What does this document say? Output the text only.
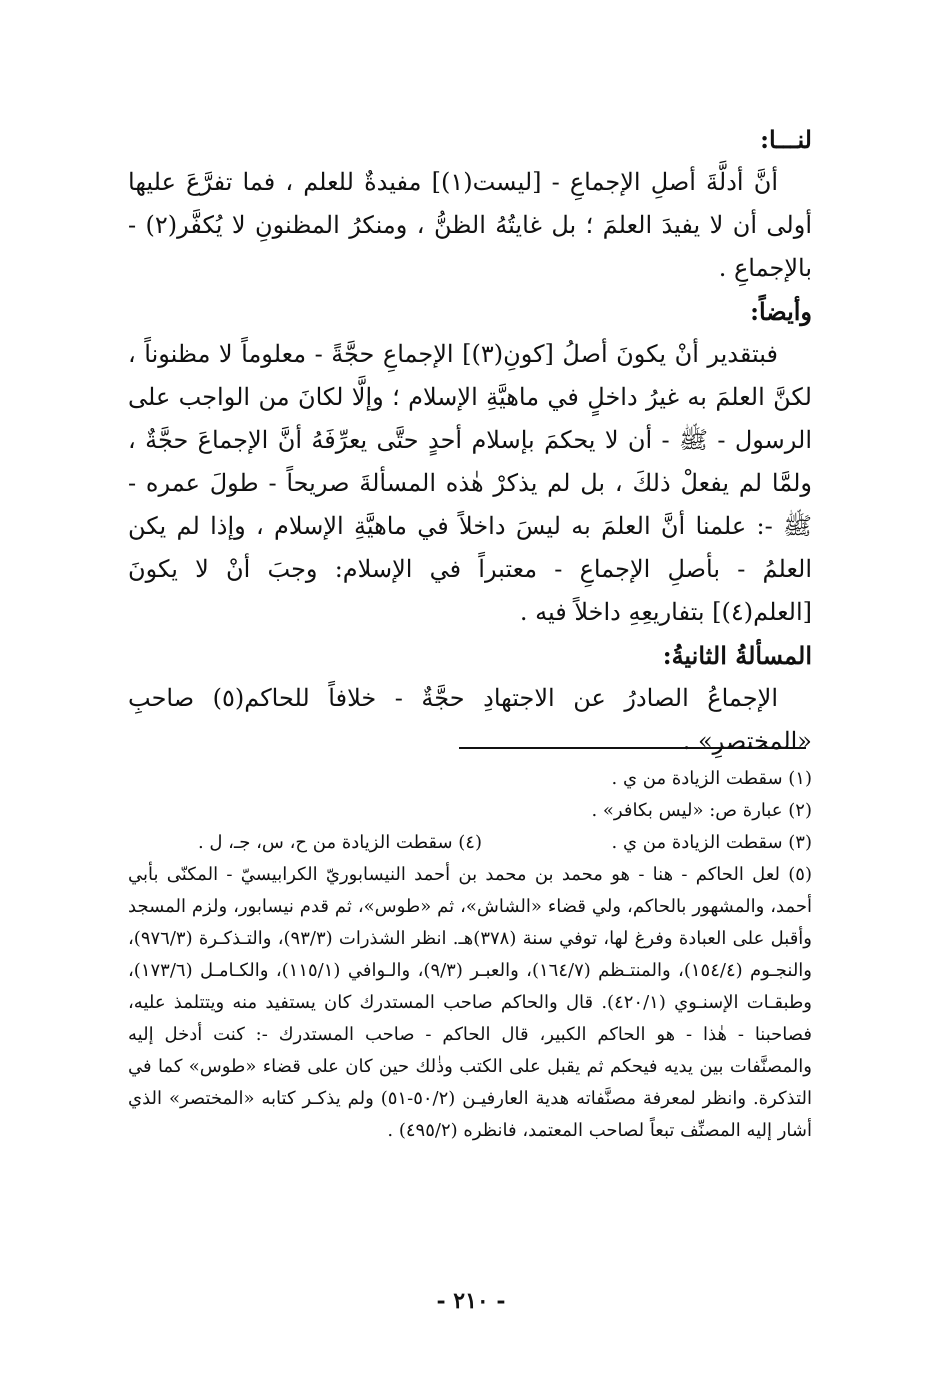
لنـــا:

أنَّ أدلَّةَ أصلِ الإجماعِ - [ليست(١)] مفيدةٌ للعلم ، فما تفرَّعَ عليها أولى أن لا يفيدَ العلمَ ؛ بل غايتُهُ الظنُّ ، ومنكرُ المظنونِ لا يُكفَّر(٢) - بالإجماعِ .

وأيضاً:

فبتقدير أنْ يكونَ أصلُ [كونِ(٣)] الإجماعِ حجَّةً - معلوماً لا مظنوناً ، لكنَّ العلمَ به غيرُ داخلٍ في ماهيَّةِ الإسلام ؛ وإلَّا لكانَ من الواجب على الرسول - ﷺ - أن لا يحكمَ بإسلام أحدٍ حتَّى يعرِّفَهُ أنَّ الإجماعَ حجَّةٌ ، ولمَّا لم يفعلْ ذلكَ ، بل لم يذكرْ هٰذه المسألةَ صريحاً - طولَ عمره - ﷺ -: علمنا أنَّ العلمَ به ليسَ داخلاً في ماهيَّةِ الإسلام ، وإذا لم يكن العلمُ - بأصلِ الإجماعِ - معتبراً في الإسلام: وجبَ أنْ لا يكونَ [العلم(٤)] بتفاريعِهِ داخلاً فيه .

المسألةُ الثانيةُ:

الإجماعُ الصادرُ عن الاجتهادِ حجَّةٌ - خلافاً للحاكم(٥) صاحبِ «المختصرِ» .

(١) سقطت الزيادة من ي .
(٢) عبارة ص: «ليس بكافر» .
(٣) سقطت الزيادة من ي .
(٤) سقطت الزيادة من ح، س، جـ، ل .

(٥) لعل الحاكم - هنا - هو محمد بن محمد بن أحمد النيسابوريّ الكرابيسيّ - المكنّى بأبي أحمد، والمشهور بالحاكم، ولي قضاء «الشاش»، ثم «طوس»، ثم قدم نيسابور، ولزم المسجد وأقبل على العبادة وفرغ لها، توفي سنة (٣٧٨)هـ. انظر الشذرات (٩٣/٣)، والتـذكـرة (٩٧٦/٣)، والنجـوم (١٥٤/٤)، والمنتـظم (١٦٤/٧)، والعبـر (٩/٣)، والـوافي (١١٥/١)، والكـامـل (١٧٣/٦)، وطبقـات الإسنـوي (٤٢٠/١). قال والحاكم صاحب المستدرك كان يستفيد منه ويتتلمذ عليه، فصاحبنا - هٰذا - هو الحاكم الكبير، قال الحاكم - صاحب المستدرك -: كنت أدخل إليه والمصنَّفات بين يديه فيحكم ثم يقبل على الكتب وذٰلك حين كان على قضاء «طوس» كما في التذكرة. وانظر لمعرفة مصنَّفاته هدية العارفيـن (٥٠/٢-٥١) ولم يذكـر كتابه «المختصر» الذي أشار إليه المصنِّف تبعاً لصاحب المعتمد، فانظره (٤٩٥/٢) .

- ٢١٠ -
